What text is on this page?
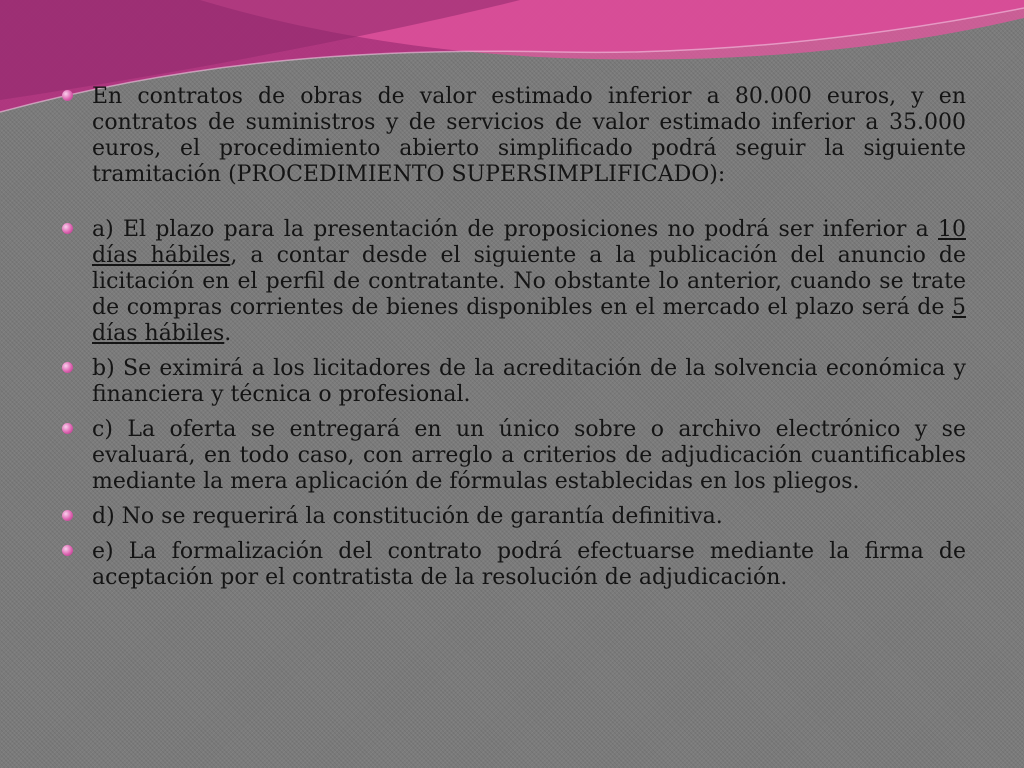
En contratos de obras de valor estimado inferior a 80.000 euros, y en contratos de suministros y de servicios de valor estimado inferior a 35.000 euros, el procedimiento abierto simplificado podrá seguir la siguiente tramitación (PROCEDIMIENTO SUPERSIMPLIFICADO):
a) El plazo para la presentación de proposiciones no podrá ser inferior a 10 días hábiles, a contar desde el siguiente a la publicación del anuncio de licitación en el perfil de contratante. No obstante lo anterior, cuando se trate de compras corrientes de bienes disponibles en el mercado el plazo será de 5 días hábiles.
b) Se eximirá a los licitadores de la acreditación de la solvencia económica y financiera y técnica o profesional.
c) La oferta se entregará en un único sobre o archivo electrónico y se evaluará, en todo caso, con arreglo a criterios de adjudicación cuantificables mediante la mera aplicación de fórmulas establecidas en los pliegos.
d) No se requerirá la constitución de garantía definitiva.
e) La formalización del contrato podrá efectuarse mediante la firma de aceptación por el contratista de la resolución de adjudicación.
